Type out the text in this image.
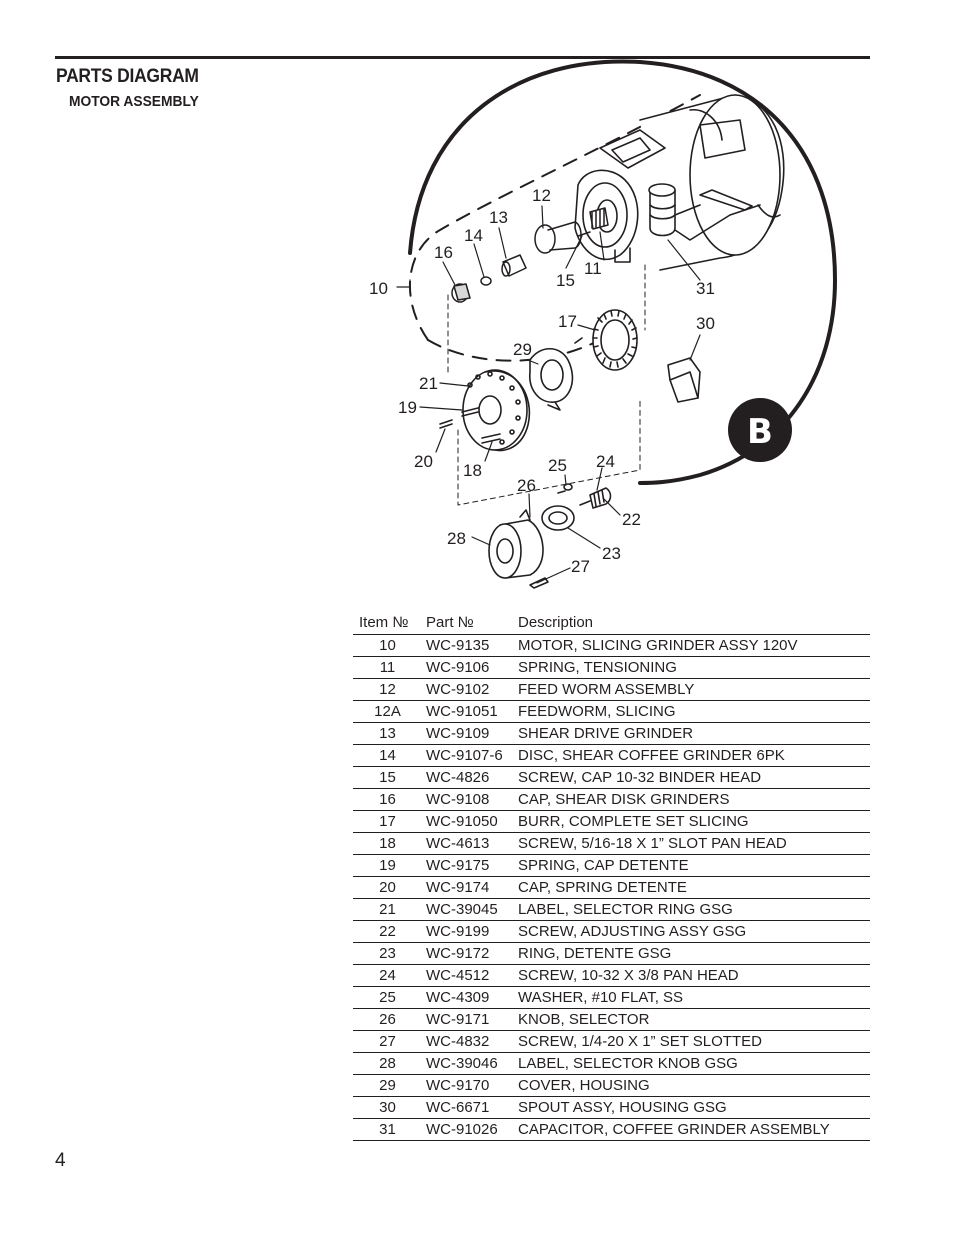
PARTS DIAGRAM
MOTOR ASSEMBLY
B
10
11
12
13
14
15
16
17
18
19
20
21
22
23
24
25
26
27
28
29
30
31
Item №	Part №	Description
10	WC-9135	MOTOR, SLICING GRINDER ASSY 120V
11	WC-9106	SPRING, TENSIONING
12	WC-9102	FEED WORM ASSEMBLY
12A	WC-91051	FEEDWORM, SLICING
13	WC-9109	SHEAR DRIVE GRINDER
14	WC-9107-6	DISC, SHEAR COFFEE GRINDER 6PK
15	WC-4826	SCREW, CAP 10-32 BINDER HEAD
16	WC-9108	CAP, SHEAR DISK GRINDERS
17	WC-91050	BURR, COMPLETE SET SLICING
18	WC-4613	SCREW, 5/16-18 X 1” SLOT PAN HEAD
19	WC-9175	SPRING, CAP DETENTE
20	WC-9174	CAP, SPRING DETENTE
21	WC-39045	LABEL, SELECTOR RING GSG
22	WC-9199	SCREW, ADJUSTING ASSY GSG
23	WC-9172	RING, DETENTE GSG
24	WC-4512	SCREW, 10-32 X 3/8 PAN HEAD
25	WC-4309	WASHER, #10 FLAT, SS
26	WC-9171	KNOB, SELECTOR
27	WC-4832	SCREW, 1/4-20 X 1” SET SLOTTED
28	WC-39046	LABEL, SELECTOR KNOB GSG
29	WC-9170	COVER, HOUSING
30	WC-6671	SPOUT ASSY, HOUSING GSG
31	WC-91026	CAPACITOR, COFFEE GRINDER ASSEMBLY
4
